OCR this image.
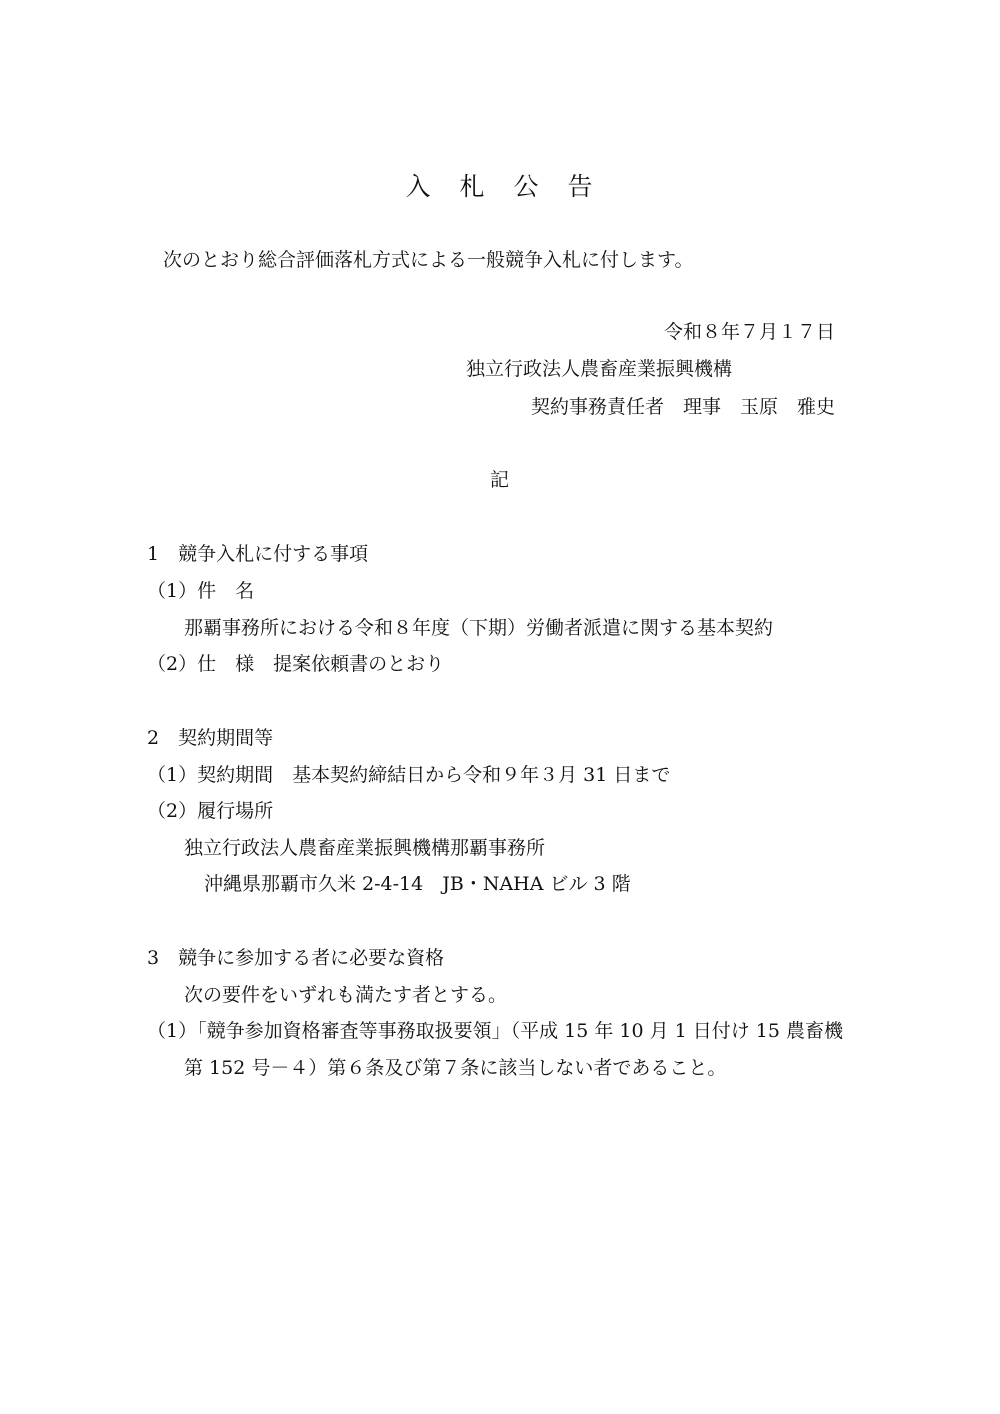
入　札　公　告
次のとおり総合評価落札方式による一般競争入札に付します。
令和８年７月１７日
独立行政法人農畜産業振興機構
契約事務責任者　理事　玉原　雅史
記
1　競争入札に付する事項
（1）件　名
那覇事務所における令和８年度（下期）労働者派遣に関する基本契約
（2）仕　様　提案依頼書のとおり
2　契約期間等
（1）契約期間　基本契約締結日から令和９年３月 31 日まで
（2）履行場所
独立行政法人農畜産業振興機構那覇事務所
沖縄県那覇市久米 2-4-14　JB・NAHA ビル 3 階
3　競争に参加する者に必要な資格
次の要件をいずれも満たす者とする。
（1）「競争参加資格審査等事務取扱要領」（平成 15 年 10 月 1 日付け 15 農畜機
第 152 号－４）第６条及び第７条に該当しない者であること。
